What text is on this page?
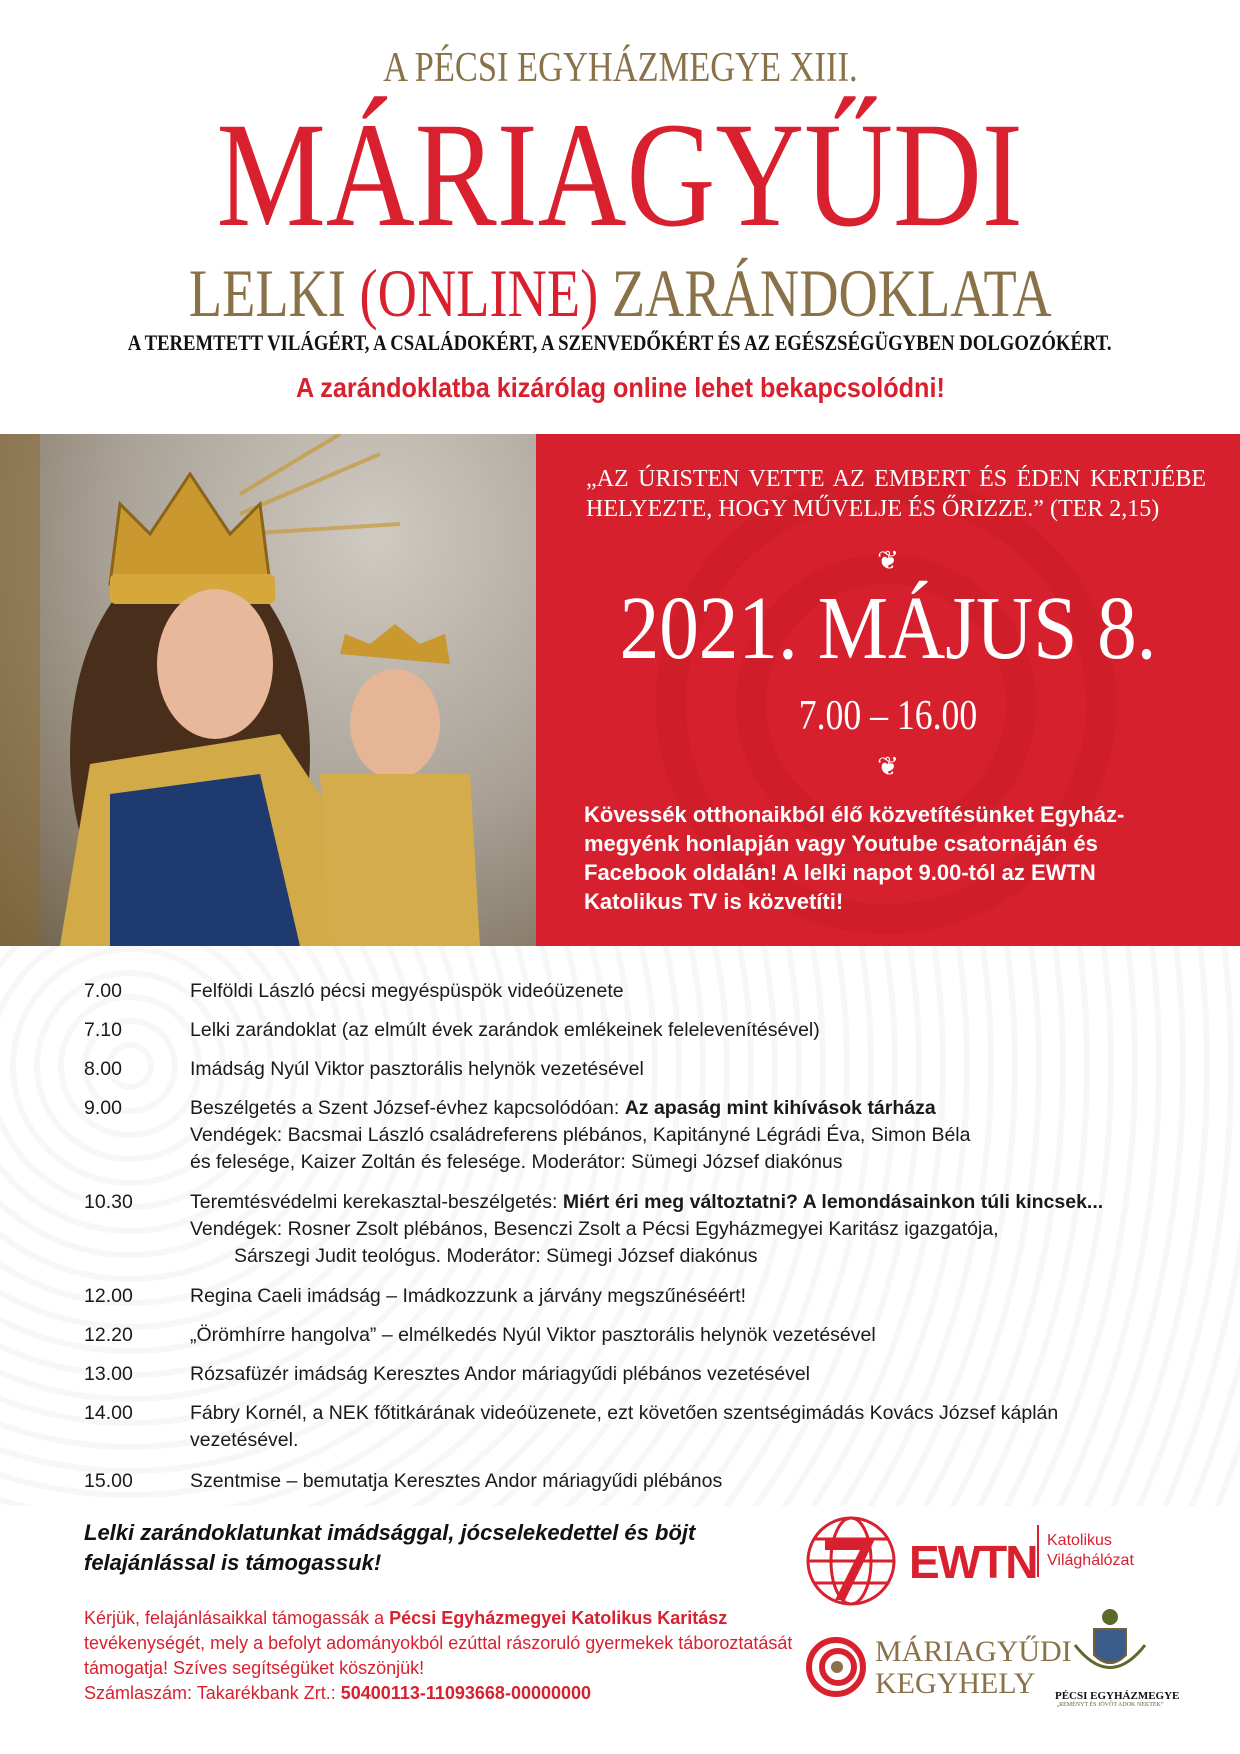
A PÉCSI EGYHÁZMEGYE XIII.
MÁRIAGYŰDI
LELKI (ONLINE) ZARÁNDOKLATA
A TEREMTETT VILÁGÉRT, A CSALÁDOKÉRT, A SZENVEDŐKÉRT ÉS AZ EGÉSZSÉGÜGYBEN DOLGOZÓKÉRT.
A zarándoklatba kizárólag online lehet bekapcsolódni!
„AZ ÚRISTEN VETTE AZ EMBERT ÉS ÉDEN KERTJÉBE HELYEZTE, HOGY MŰVELJE ÉS ŐRIZZE.” (TER 2,15)
❦
2021. MÁJUS 8.
7.00 – 16.00
❦
Kövessék otthonaikból élő közvetítésünket Egyház-megyénk honlapján vagy Youtube csatornáján és Facebook oldalán! A lelki napot 9.00-tól az EWTN Katolikus TV is közvetíti!
7.00	Felföldi László pécsi megyéspüspök videóüzenete
7.10	Lelki zarándoklat (az elmúlt évek zarándok emlékeinek felelevenítésével)
8.00	Imádság Nyúl Viktor pasztorális helynök vezetésével
9.00	Beszélgetés a Szent József-évhez kapcsolódóan: Az apaság mint kihívások tárháza
Vendégek: Bacsmai László családreferens plébános, Kapitányné Légrádi Éva, Simon Béla
és felesége, Kaizer Zoltán és felesége. Moderátor: Sümegi József diakónus
10.30	Teremtésvédelmi kerekasztal-beszélgetés: Miért éri meg változtatni? A lemondásainkon túli kincsek...
Vendégek: Rosner Zsolt plébános, Besenczi Zsolt a Pécsi Egyházmegyei Karitász igazgatója,
Sárszegi Judit teológus. Moderátor: Sümegi József diakónus
12.00	Regina Caeli imádság – Imádkozzunk a járvány megszűnéséért!
12.20	„Örömhírre hangolva” – elmélkedés Nyúl Viktor pasztorális helynök vezetésével
13.00	Rózsafüzér imádság Keresztes Andor máriagyűdi plébános vezetésével
14.00	Fábry Kornél, a NEK főtitkárának videóüzenete, ezt követően szentségimádás Kovács József káplán
vezetésével.
15.00	Szentmise – bemutatja Keresztes Andor máriagyűdi plébános
Lelki zarándoklatunkat imádsággal, jócselekedettel és böjt
felajánlással is támogassuk!
Kérjük, felajánlásaikkal támogassák a Pécsi Egyházmegyei Katolikus Karitász tevékenységét, mely a befolyt adományokból ezúttal rászoruló gyermekek táboroztatását támogatja! Szíves segítségüket köszönjük!
Számlaszám: Takarékbank Zrt.: 50400113-11093668-00000000
EWTN Katolikus
Világhálózat
MÁRIAGYŰDI
KEGYHELY	PÉCSI EGYHÁZMEGYE
„REMÉNYT ÉS JÖVŐT ADOK NEKTEK”
